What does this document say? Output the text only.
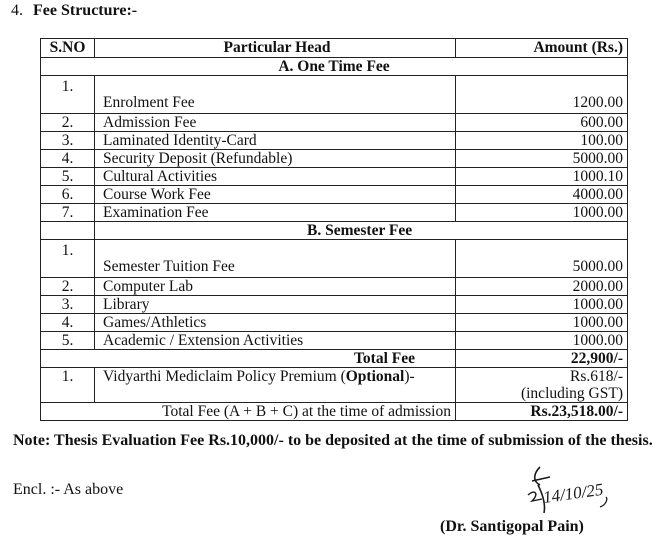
4. Fee Structure:-
S.NO	Particular Head	Amount (Rs.)
A. One Time Fee		
1.	Enrolment Fee	1200.00
2.	Admission Fee	600.00
3.	Laminated Identity-Card	100.00
4.	Security Deposit (Refundable)	5000.00
5.	Cultural Activities	1000.10
6.	Course Work Fee	4000.00
7.	Examination Fee	1000.00
	B. Semester Fee	
1.	Semester Tuition Fee	5000.00
2.	Computer Lab	2000.00
3.	Library	1000.00
4.	Games/Athletics	1000.00
5.	Academic / Extension Activities	1000.00
Total Fee		22,900/-
1.	Vidyarthi Mediclaim Policy Premium (Optional)-	Rs.618/-
(including GST)

Total Fee (A + B + C) at the time of admission		Rs.23,518.00/-
Note: Thesis Evaluation Fee Rs.10,000/- to be deposited at the time of submission of the thesis.
Encl. :- As above	14/10/25
(Dr. Santigopal Pain)
